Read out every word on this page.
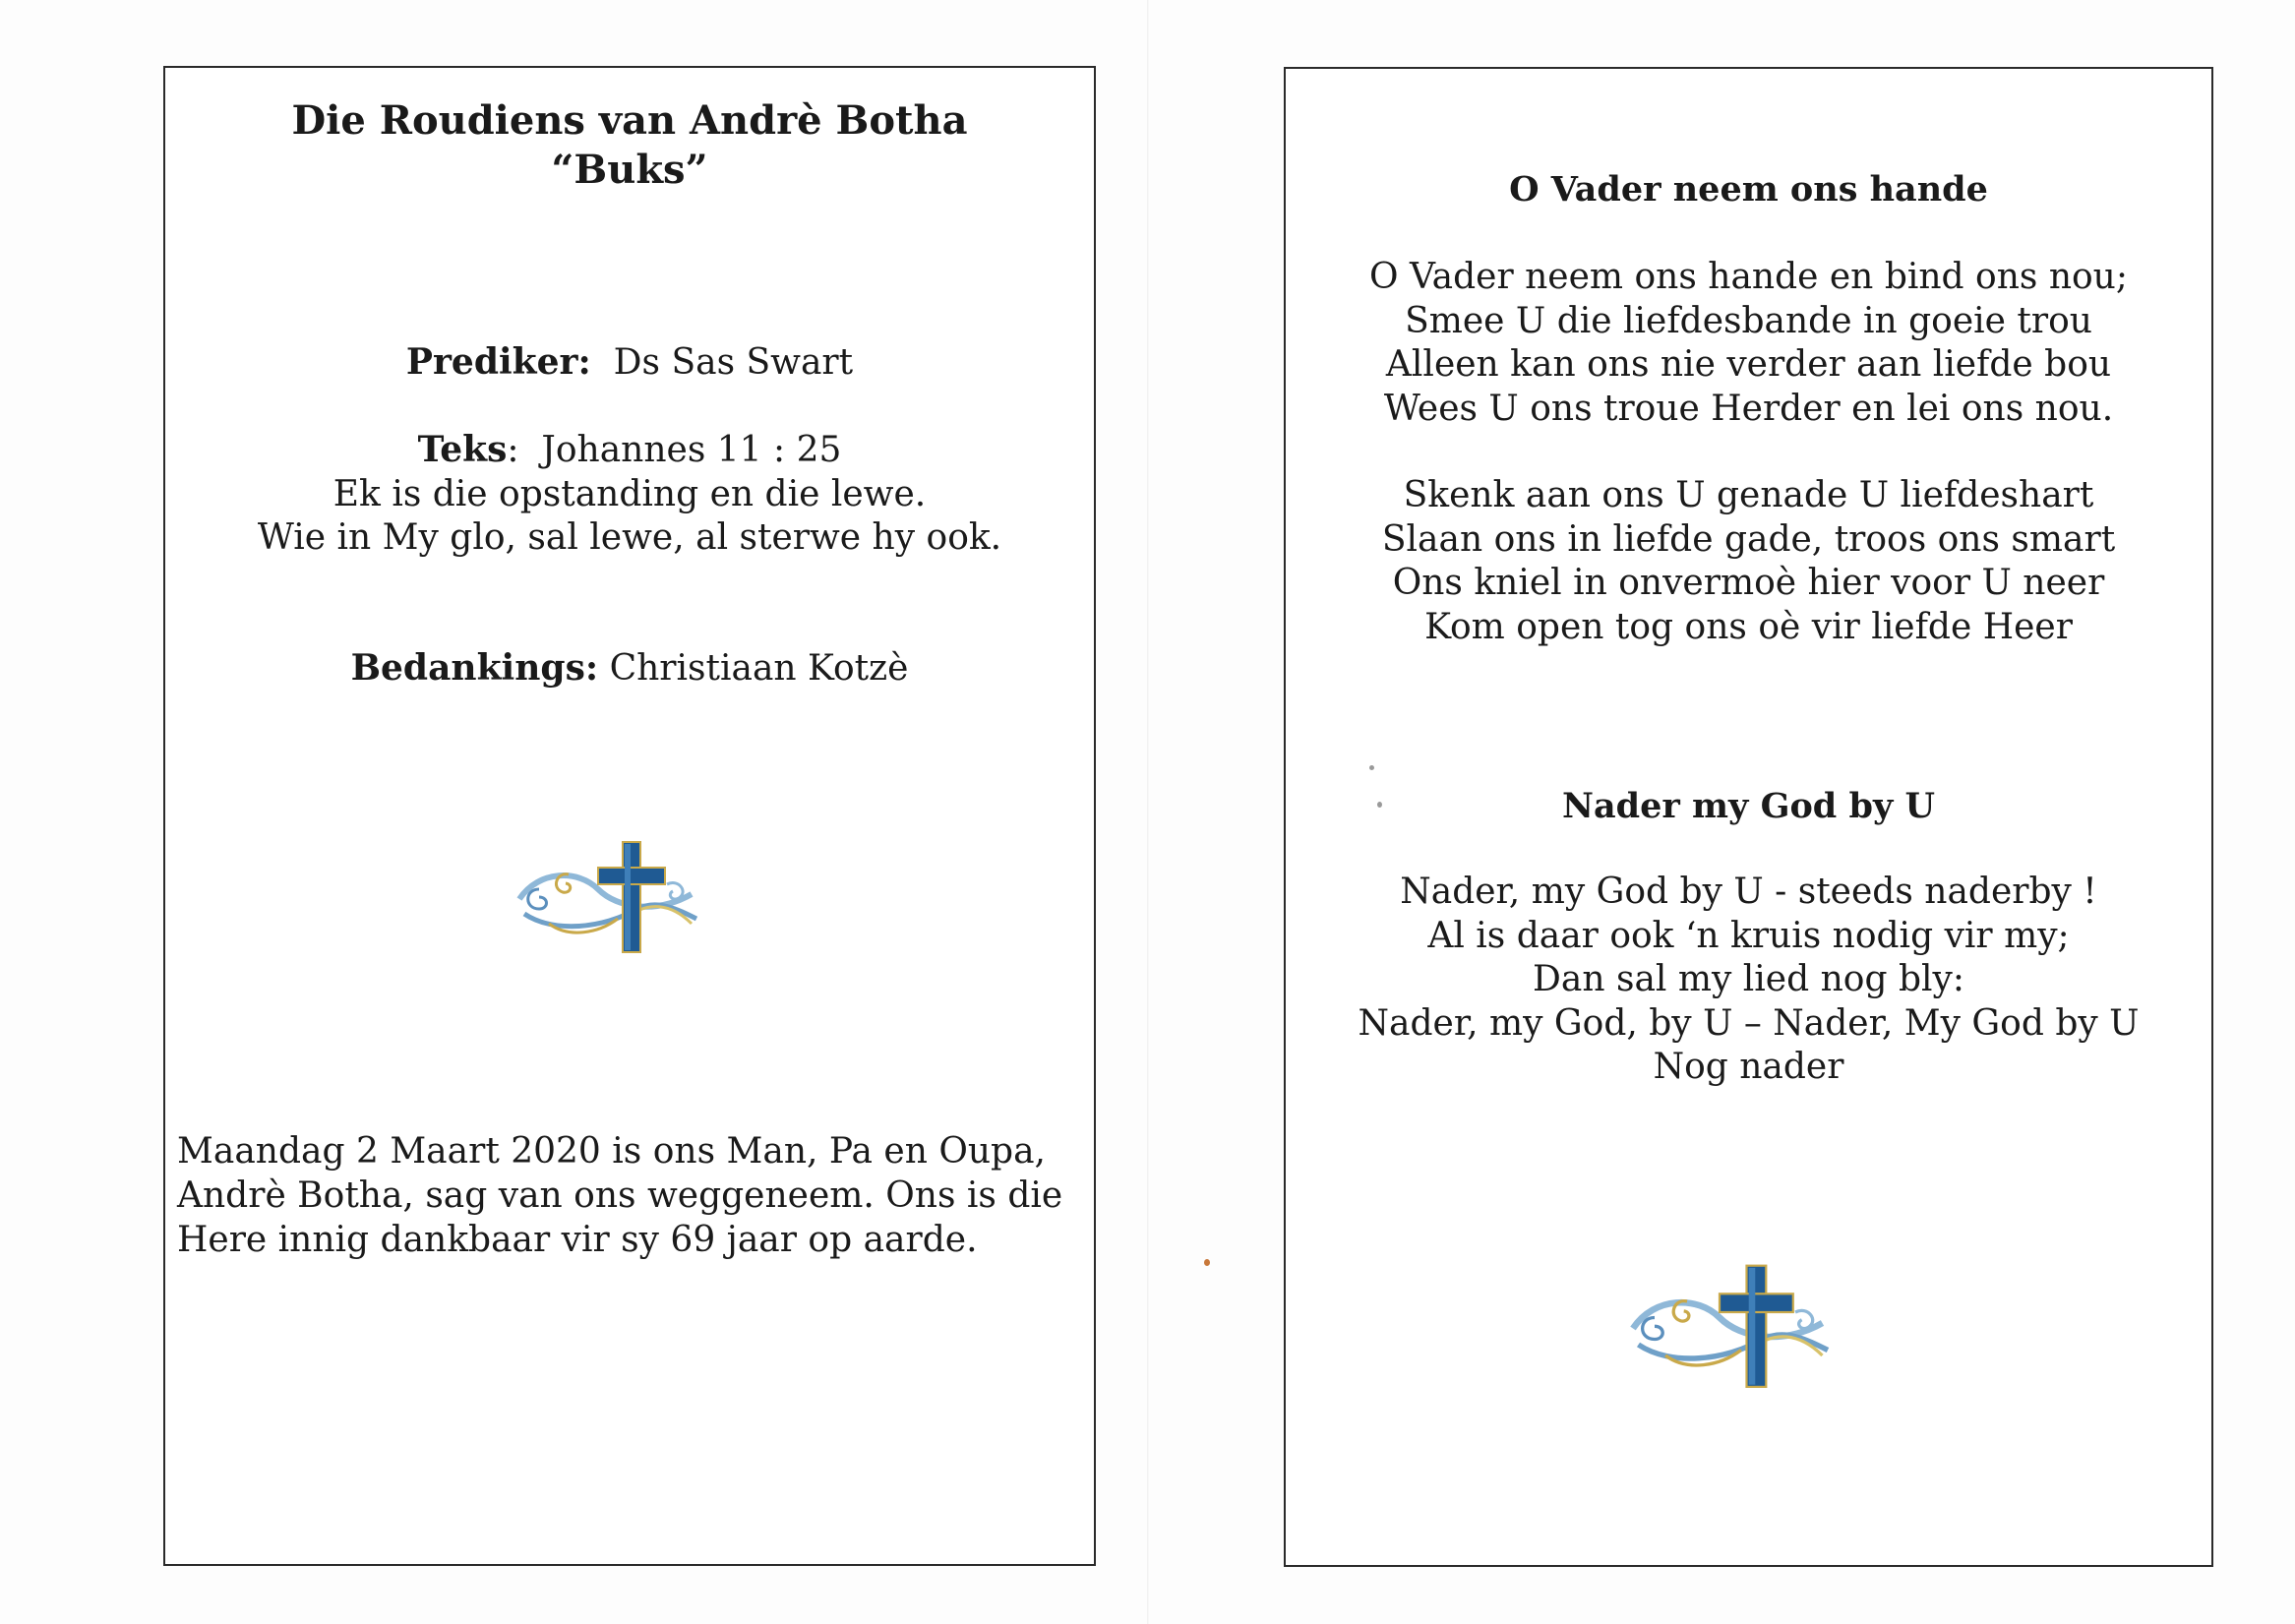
Die Roudiens van Andrè Botha
“Buks”
Prediker: Ds Sas Swart
Teks: Johannes 11 : 25
Ek is die opstanding en die lewe.
Wie in My glo, sal lewe, al sterwe hy ook.
Bedankings: Christiaan Kotzè
Maandag 2 Maart 2020 is ons Man, Pa en Oupa,
Andrè Botha, sag van ons weggeneem. Ons is die
Here innig dankbaar vir sy 69 jaar op aarde.
O Vader neem ons hande
O Vader neem ons hande en bind ons nou;
Smee U die liefdesbande in goeie trou
Alleen kan ons nie verder aan liefde bou
Wees U ons troue Herder en lei ons nou.
Skenk aan ons U genade U liefdeshart
Slaan ons in liefde gade, troos ons smart
Ons kniel in onvermoè hier voor U neer
Kom open tog ons oè vir liefde Heer
Nader my God by U
Nader, my God by U - steeds naderby !
Al is daar ook ‘n kruis nodig vir my;
Dan sal my lied nog bly:
Nader, my God, by U – Nader, My God by U
Nog nader
